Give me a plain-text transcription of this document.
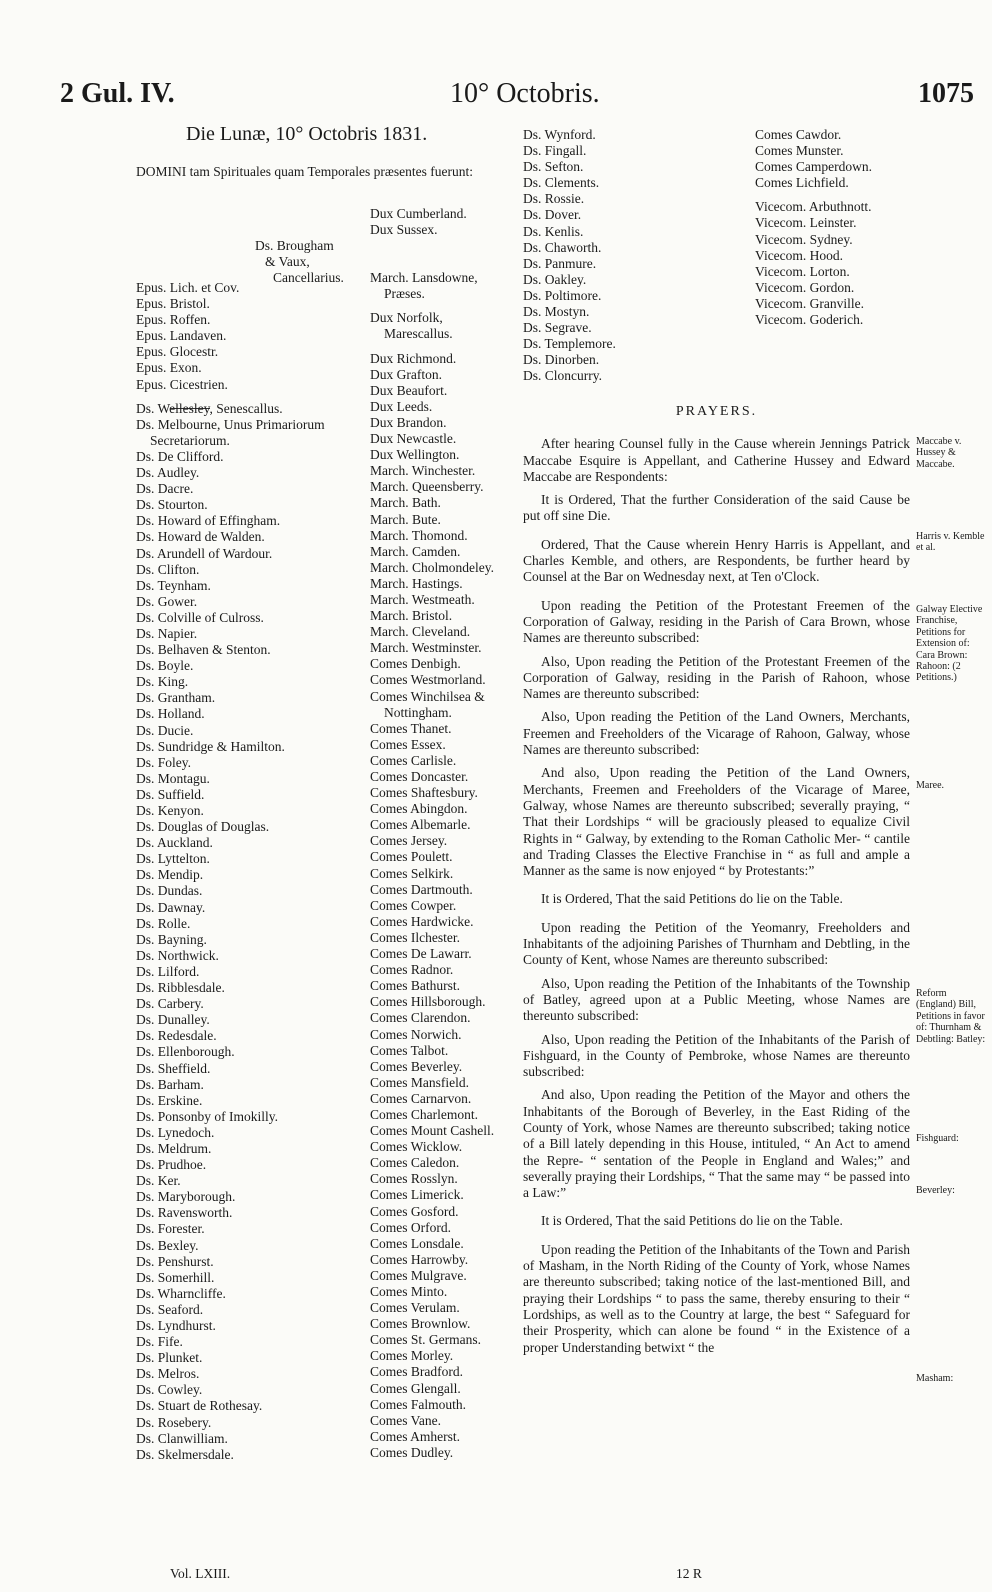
2 Gul. IV.	10° Octobris.	1075
Die Lunæ, 10° Octobris 1831.
DOMINI tam Spirituales quam Temporales præsentes fuerunt:
Ds. Brougham
& Vaux,
Cancellarius.
Epus. Lich. et Cov.
Epus. Bristol.
Epus. Roffen.
Epus. Landaven.
Epus. Glocestr.
Epus. Exon.
Epus. Cicestrien.
Ds. Wellesley, Senescallus.
Ds. Melbourne, Unus Primariorum
Secretariorum.
Ds. De Clifford.
Ds. Audley.
Ds. Dacre.
Ds. Stourton.
Ds. Howard of Effingham.
Ds. Howard de Walden.
Ds. Arundell of Wardour.
Ds. Clifton.
Ds. Teynham.
Ds. Gower.
Ds. Colville of Culross.
Ds. Napier.
Ds. Belhaven & Stenton.
Ds. Boyle.
Ds. King.
Ds. Grantham.
Ds. Holland.
Ds. Ducie.
Ds. Sundridge & Hamilton.
Ds. Foley.
Ds. Montagu.
Ds. Suffield.
Ds. Kenyon.
Ds. Douglas of Douglas.
Ds. Auckland.
Ds. Lyttelton.
Ds. Mendip.
Ds. Dundas.
Ds. Dawnay.
Ds. Rolle.
Ds. Bayning.
Ds. Northwick.
Ds. Lilford.
Ds. Ribblesdale.
Ds. Carbery.
Ds. Dunalley.
Ds. Redesdale.
Ds. Ellenborough.
Ds. Sheffield.
Ds. Barham.
Ds. Erskine.
Ds. Ponsonby of Imokilly.
Ds. Lynedoch.
Ds. Meldrum.
Ds. Prudhoe.
Ds. Ker.
Ds. Maryborough.
Ds. Ravensworth.
Ds. Forester.
Ds. Bexley.
Ds. Penshurst.
Ds. Somerhill.
Ds. Wharncliffe.
Ds. Seaford.
Ds. Lyndhurst.
Ds. Fife.
Ds. Plunket.
Ds. Melros.
Ds. Cowley.
Ds. Stuart de Rothesay.
Ds. Rosebery.
Ds. Clanwilliam.
Ds. Skelmersdale.
Dux Cumberland.
Dux Sussex.
March. Lansdowne,
Præses.
Dux Norfolk,
Marescallus.
Dux Richmond.
Dux Grafton.
Dux Beaufort.
Dux Leeds.
Dux Brandon.
Dux Newcastle.
Dux Wellington.
March. Winchester.
March. Queensberry.
March. Bath.
March. Bute.
March. Thomond.
March. Camden.
March. Cholmondeley.
March. Hastings.
March. Westmeath.
March. Bristol.
March. Cleveland.
March. Westminster.
Comes Denbigh.
Comes Westmorland.
Comes Winchilsea &
Nottingham.
Comes Thanet.
Comes Essex.
Comes Carlisle.
Comes Doncaster.
Comes Shaftesbury.
Comes Abingdon.
Comes Albemarle.
Comes Jersey.
Comes Poulett.
Comes Selkirk.
Comes Dartmouth.
Comes Cowper.
Comes Hardwicke.
Comes Ilchester.
Comes De Lawarr.
Comes Radnor.
Comes Bathurst.
Comes Hillsborough.
Comes Clarendon.
Comes Norwich.
Comes Talbot.
Comes Beverley.
Comes Mansfield.
Comes Carnarvon.
Comes Charlemont.
Comes Mount Cashell.
Comes Wicklow.
Comes Caledon.
Comes Rosslyn.
Comes Limerick.
Comes Gosford.
Comes Orford.
Comes Lonsdale.
Comes Harrowby.
Comes Mulgrave.
Comes Minto.
Comes Verulam.
Comes Brownlow.
Comes St. Germans.
Comes Morley.
Comes Bradford.
Comes Glengall.
Comes Falmouth.
Comes Vane.
Comes Amherst.
Comes Dudley.
Ds. Wynford.
Ds. Fingall.
Ds. Sefton.
Ds. Clements.
Ds. Rossie.
Ds. Dover.
Ds. Kenlis.
Ds. Chaworth.
Ds. Panmure.
Ds. Oakley.
Ds. Poltimore.
Ds. Mostyn.
Ds. Segrave.
Ds. Templemore.
Ds. Dinorben.
Ds. Cloncurry.
Comes Cawdor.
Comes Munster.
Comes Camperdown.
Comes Lichfield.
Vicecom. Arbuthnott.
Vicecom. Leinster.
Vicecom. Sydney.
Vicecom. Hood.
Vicecom. Lorton.
Vicecom. Gordon.
Vicecom. Granville.
Vicecom. Goderich.
PRAYERS.

After hearing Counsel fully in the Cause wherein Jennings Patrick Maccabe Esquire is Appellant, and Catherine Hussey and Edward Maccabe are Respondents:

It is Ordered, That the further Consideration of the said Cause be put off sine Die.

Ordered, That the Cause wherein Henry Harris is Appellant, and Charles Kemble, and others, are Respondents, be further heard by Counsel at the Bar on Wednesday next, at Ten o'Clock.

Upon reading the Petition of the Protestant Freemen of the Corporation of Galway, residing in the Parish of Cara Brown, whose Names are thereunto subscribed:

Also, Upon reading the Petition of the Protestant Freemen of the Corporation of Galway, residing in the Parish of Rahoon, whose Names are thereunto subscribed:

Also, Upon reading the Petition of the Land Owners, Merchants, Freemen and Freeholders of the Vicarage of Rahoon, Galway, whose Names are thereunto subscribed:

And also, Upon reading the Petition of the Land Owners, Merchants, Freemen and Freeholders of the Vicarage of Maree, Galway, whose Names are thereunto subscribed; severally praying, “ That their Lordships “ will be graciously pleased to equalize Civil Rights in “ Galway, by extending to the Roman Catholic Mer- “ cantile and Trading Classes the Elective Franchise in “ as full and ample a Manner as the same is now enjoyed “ by Protestants:”

It is Ordered, That the said Petitions do lie on the Table.

Upon reading the Petition of the Yeomanry, Freeholders and Inhabitants of the adjoining Parishes of Thurnham and Debtling, in the County of Kent, whose Names are thereunto subscribed:

Also, Upon reading the Petition of the Inhabitants of the Township of Batley, agreed upon at a Public Meeting, whose Names are thereunto subscribed:

Also, Upon reading the Petition of the Inhabitants of the Parish of Fishguard, in the County of Pembroke, whose Names are thereunto subscribed:

And also, Upon reading the Petition of the Mayor and others the Inhabitants of the Borough of Beverley, in the East Riding of the County of York, whose Names are thereunto subscribed; taking notice of a Bill lately depending in this House, intituled, “ An Act to amend the Repre- “ sentation of the People in England and Wales;” and severally praying their Lordships, “ That the same may “ be passed into a Law:”

It is Ordered, That the said Petitions do lie on the Table.

Upon reading the Petition of the Inhabitants of the Town and Parish of Masham, in the North Riding of the County of York, whose Names are thereunto subscribed; taking notice of the last-mentioned Bill, and praying their Lordships “ to pass the same, thereby ensuring to their “ Lordships, as well as to the Country at large, the best “ Safeguard for their Prosperity, which can alone be found “ in the Existence of a proper Understanding betwixt “ the

Maccabe v. Hussey & Maccabe.
Harris v. Kemble et al.
Galway Elective Franchise, Petitions for Extension of: Cara Brown: Rahoon: (2 Petitions.)
Maree.
Reform (England) Bill, Petitions in favor of: Thurnham & Debtling: Batley:
Fishguard:
Beverley:
Masham:
Vol. LXIII.	12 R
